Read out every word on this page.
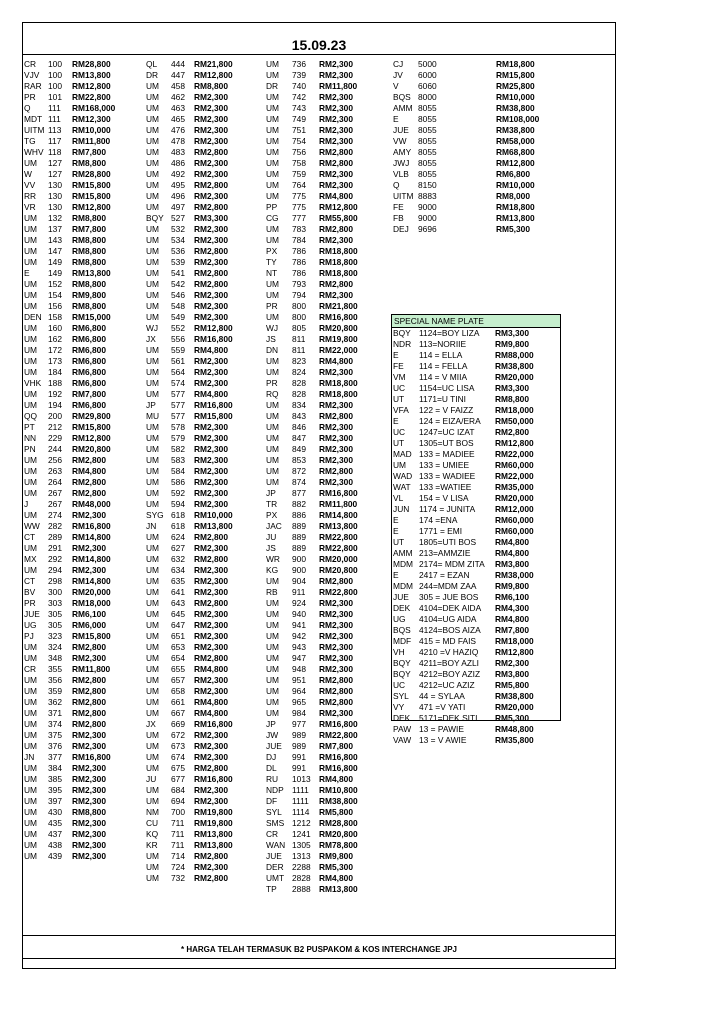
15.09.23
CR 100 RM28,800
VJV 100 RM13,800
RAR 100 RM12,800
PR 101 RM22,800
Q 111 RM168,000
MDT 111 RM12,300
UITM 113 RM10,000
TG 117 RM11,800
WHV 118 RM7,800
UM 127 RM8,800
W 127 RM28,800
VV 130 RM15,800
RR 130 RM15,800
VR 130 RM12,800
UM 132 RM8,800
UM 137 RM7,800
UM 143 RM8,800
UM 147 RM8,800
UM 149 RM8,800
E 149 RM13,800
UM 152 RM8,800
UM 154 RM9,800
UM 156 RM8,800
DEN 158 RM15,000
UM 160 RM6,800
UM 162 RM6,800
UM 172 RM6,800
UM 173 RM6,800
UM 184 RM6,800
VHK 188 RM6,800
UM 192 RM7,800
UM 194 RM6,800
QQ 200 RM29,800
PT 212 RM15,800
NN 229 RM12,800
PN 244 RM20,800
UM 256 RM2,800
UM 263 RM4,800
UM 264 RM2,800
UM 267 RM2,800
J 267 RM48,000
UM 274 RM2,300
WW 282 RM16,800
CT 289 RM14,800
UM 291 RM2,300
MX 292 RM14,800
UM 294 RM2,300
CT 298 RM14,800
BV 300 RM20,000
PR 303 RM18,000
JUE 305 RM6,100
UG 305 RM6,000
PJ 323 RM15,800
UM 324 RM2,800
UM 348 RM2,300
CR 355 RM11,800
UM 356 RM2,800
UM 359 RM2,800
UM 362 RM2,800
UM 371 RM2,800
UM 374 RM2,800
UM 375 RM2,300
UM 376 RM2,300
JN 377 RM16,800
UM 384 RM2,300
UM 385 RM2,300
UM 395 RM2,300
UM 397 RM2,300
UM 430 RM8,800
UM 435 RM2,300
UM 437 RM2,300
UM 438 RM2,300
UM 439 RM2,300
QL 444 RM21,800
DR 447 RM12,800
UM 458 RM8,800
UM 462 RM2,300
UM 463 RM2,300
UM 465 RM2,300
UM 476 RM2,300
UM 478 RM2,300
UM 483 RM2,800
UM 486 RM2,300
UM 492 RM2,300
UM 495 RM2,800
UM 496 RM2,300
UM 497 RM2,800
BQY 527 RM3,300
UM 532 RM2,300
UM 534 RM2,300
UM 536 RM2,800
UM 539 RM2,300
UM 541 RM2,800
UM 542 RM2,800
UM 546 RM2,300
UM 548 RM2,300
UM 549 RM2,300
WJ 552 RM12,800
JX 556 RM16,800
UM 559 RM4,800
UM 561 RM2,300
UM 564 RM2,300
UM 574 RM2,300
UM 577 RM4,800
JP 577 RM16,800
MU 577 RM15,800
UM 578 RM2,300
UM 579 RM2,300
UM 582 RM2,300
UM 583 RM2,300
UM 584 RM2,300
UM 586 RM2,300
UM 592 RM2,300
UM 594 RM2,300
SYG 618 RM10,000
JN 618 RM13,800
UM 624 RM2,800
UM 627 RM2,300
UM 632 RM2,800
UM 634 RM2,300
UM 635 RM2,300
UM 641 RM2,300
UM 643 RM2,800
UM 645 RM2,300
UM 647 RM2,300
UM 651 RM2,300
UM 653 RM2,300
UM 654 RM2,800
UM 655 RM4,800
UM 657 RM2,300
UM 658 RM2,300
UM 661 RM4,800
UM 667 RM4,800
JX 669 RM16,800
UM 672 RM2,300
UM 673 RM2,300
UM 674 RM2,300
UM 675 RM2,800
JU 677 RM16,800
UM 684 RM2,300
UM 694 RM2,300
NM 700 RM19,800
CU 711 RM19,800
KQ 711 RM13,800
KR 711 RM13,800
UM 714 RM2,800
UM 724 RM2,300
UM 732 RM2,800
UM 736 RM2,300
UM 739 RM2,300
DR 740 RM11,800
UM 742 RM2,300
UM 743 RM2,300
UM 749 RM2,300
UM 751 RM2,300
UM 754 RM2,300
UM 756 RM2,800
UM 758 RM2,800
UM 759 RM2,300
UM 764 RM2,300
UM 775 RM4,800
PP 775 RM12,800
CG 777 RM55,800
UM 783 RM2,800
UM 784 RM2,300
PX 786 RM18,800
TY 786 RM18,800
NT 786 RM18,800
UM 793 RM2,800
UM 794 RM2,300
PR 800 RM21,800
UM 800 RM16,800
WJ 805 RM20,800
JS 811 RM19,800
DN 811 RM22,000
UM 823 RM4,800
UM 824 RM2,300
PR 828 RM18,800
RQ 828 RM18,800
UM 834 RM2,300
UM 843 RM2,800
UM 846 RM2,300
UM 847 RM2,300
UM 849 RM2,300
UM 853 RM2,300
UM 872 RM2,800
UM 874 RM2,300
JP 877 RM16,800
TR 882 RM11,800
PX 886 RM14,800
JAC 889 RM13,800
JU 889 RM22,800
JS 889 RM22,800
WR 900 RM20,000
KG 900 RM20,800
UM 904 RM2,800
RB 911 RM22,800
UM 924 RM2,300
UM 940 RM2,300
UM 941 RM2,300
UM 942 RM2,300
UM 943 RM2,300
UM 947 RM2,300
UM 948 RM2,300
UM 951 RM2,800
UM 964 RM2,800
UM 965 RM2,800
UM 984 RM2,300
JP 977 RM16,800
JW 989 RM22,800
JUE 989 RM7,800
DJ 991 RM16,800
DL 991 RM16,800
RU 1013 RM4,800
NDP 1111 RM10,800
DF 1111 RM38,800
SYL 1114 RM5,800
SMS 1212 RM28,800
CR 1241 RM20,800
WAN 1305 RM78,800
JUE 1313 RM9,800
DER 2288 RM5,300
UMT 2828 RM4,800
TP 2888 RM13,800
CJ 5000	RM18,800
JV 6000	RM15,800
V 6060	RM25,800
BQS 8000	RM10,000
AMM 8055	RM38,800
E 8055	RM108,000
JUE 8055	RM38,800
VW 8055	RM58,000
AMY 8055	RM68,800
JWJ 8055	RM12,800
VLB 8055	RM6,800
Q 8150	RM10,000
UITM 8883	RM8,000
FE 9000	RM18,800
FB 9000	RM13,800
DEJ 9696	RM5,300
SPECIAL NAME PLATE
BQY 1124=BOY LIZA RM3,300
NDR 113=NORIIE	RM9,800
E 114 = ELLA	RM88,000
FE 114 = FELLA	RM38,800
VM 114 = V MIIA	RM20,000
UC 1154=UC LISA RM3,300
UT 1171=U TINI	RM8,800
VFA 122 = V FAIZZ	RM18,000
E 124 = EIZA/ERA RM50,000
UC 1247=UC IZAT RM2,800
UT 1305=UT BOS	RM12,800
MAD 133 = MADIEE RM22,000
UM 133 = UMIEE	RM60,000
WAD 133 = WADIEE RM22,000
WAT 133 =WATIEE	RM35,000
VL 154 = V LISA	RM20,000
JUN 1174 = JUNITA RM12,000
E 174 =ENA	RM60,000
E 1771 = EMI	RM60,000
UT 1805=UTI BOS RM4,800
AMM 213=AMMZIE	RM4,800
MDM 2174= MDM ZITA RM3,800
E 2417 = EZAN	RM38,000
MDM 244=MDM ZAA RM9,800
JUE 305 = JUE BOS RM6,100
DEK 4104=DEK AIDA RM4,300
UG 4104=UG AIDA RM4,800
BQS 4124=BOS AIZA RM7,800
MDF 415 = MD FAIS RM18,000
VH 4210 =V HAZIQ RM12,800
BQY 4211=BOY AZLI RM2,300
BQY 4212=BOY AZIZ RM3,800
UC 4212=UC AZIZ RM5,800
SYL 44 = SYLAA	RM38,800
VY 471 =V YATI	RM20,000
DEK 5171=DEK SITI RM5,300
PAW 13 = PAWIE	RM48,800
VAW 13 = V AWIE	RM35,800
* HARGA TELAH TERMASUK B2 PUSPAKOM & KOS INTERCHANGE JPJ
